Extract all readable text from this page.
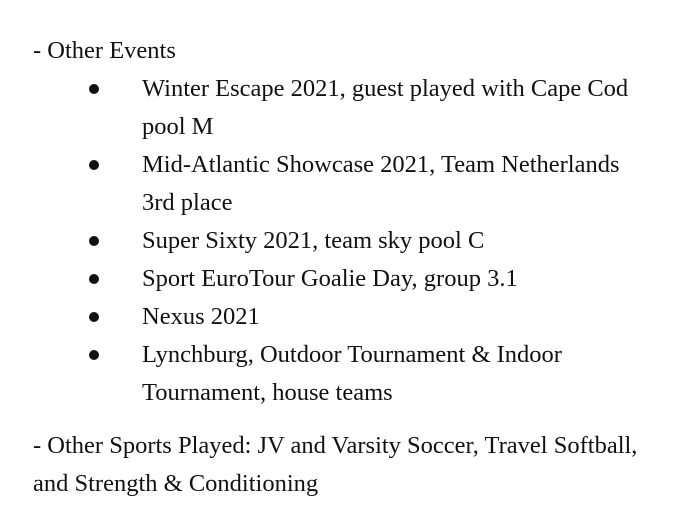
- Other Events

Winter Escape 2021, guest played with Cape Cod pool M
Mid-Atlantic Showcase 2021, Team Netherlands 3rd place
Super Sixty 2021, team sky pool C
Sport EuroTour Goalie Day, group 3.1
Nexus 2021
Lynchburg, Outdoor Tournament & Indoor Tournament, house teams

- Other Sports Played: JV and Varsity Soccer, Travel Softball, and Strength & Conditioning
